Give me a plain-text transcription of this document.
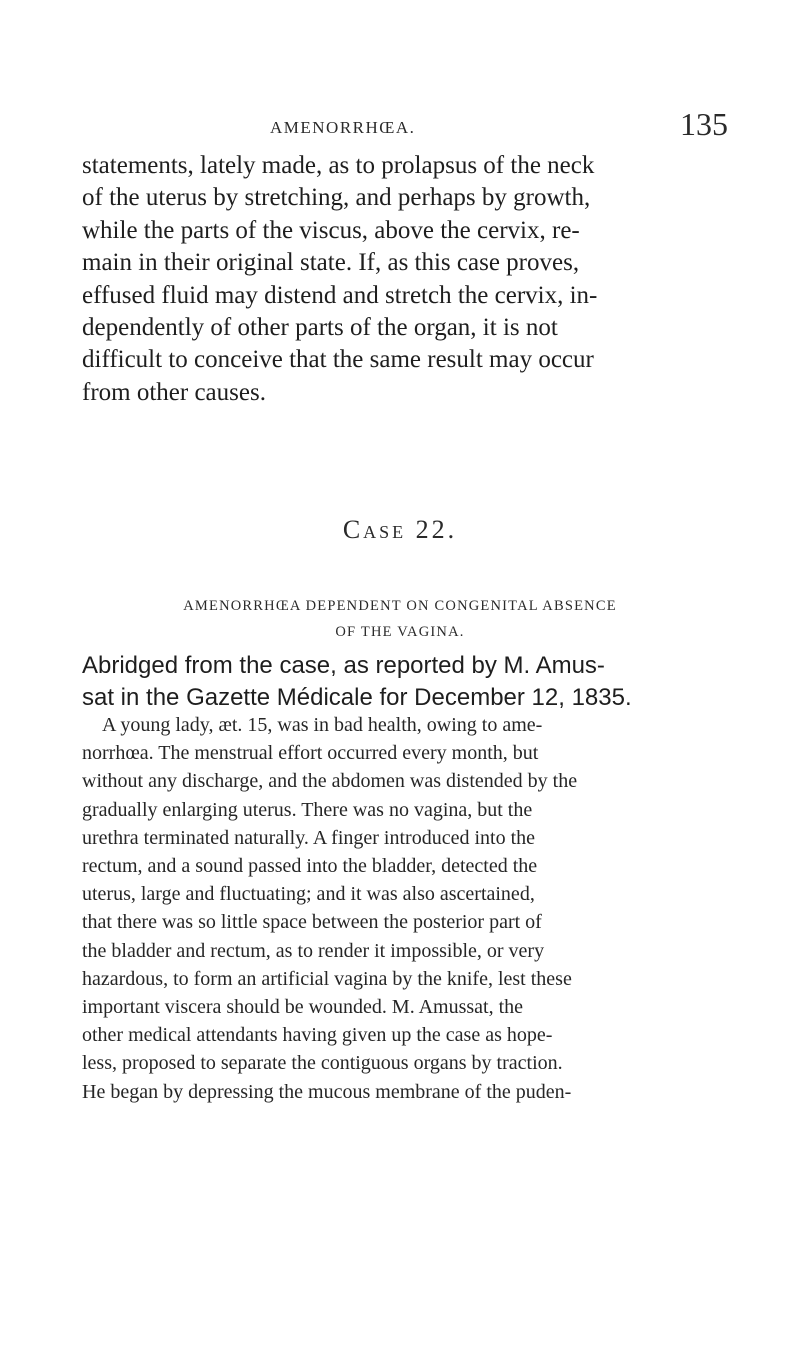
AMENORRHŒA.	135

statements, lately made, as to prolapsus of the neck
of the uterus by stretching, and perhaps by growth,
while the parts of the viscus, above the cervix, re-
main in their original state. If, as this case proves,
effused fluid may distend and stretch the cervix, in-
dependently of other parts of the organ, it is not
difficult to conceive that the same result may occur
from other causes.

Case 22.
AMENORRHŒA DEPENDENT ON CONGENITAL ABSENCE
OF THE VAGINA.
Abridged from the case, as reported by M. Amus-
sat in the Gazette Médicale for December 12, 1835.
A young lady, æt. 15, was in bad health, owing to ame-
norrhœa. The menstrual effort occurred every month, but
without any discharge, and the abdomen was distended by the
gradually enlarging uterus. There was no vagina, but the
urethra terminated naturally. A finger introduced into the
rectum, and a sound passed into the bladder, detected the
uterus, large and fluctuating; and it was also ascertained,
that there was so little space between the posterior part of
the bladder and rectum, as to render it impossible, or very
hazardous, to form an artificial vagina by the knife, lest these
important viscera should be wounded. M. Amussat, the
other medical attendants having given up the case as hope-
less, proposed to separate the contiguous organs by traction.
He began by depressing the mucous membrane of the puden-
